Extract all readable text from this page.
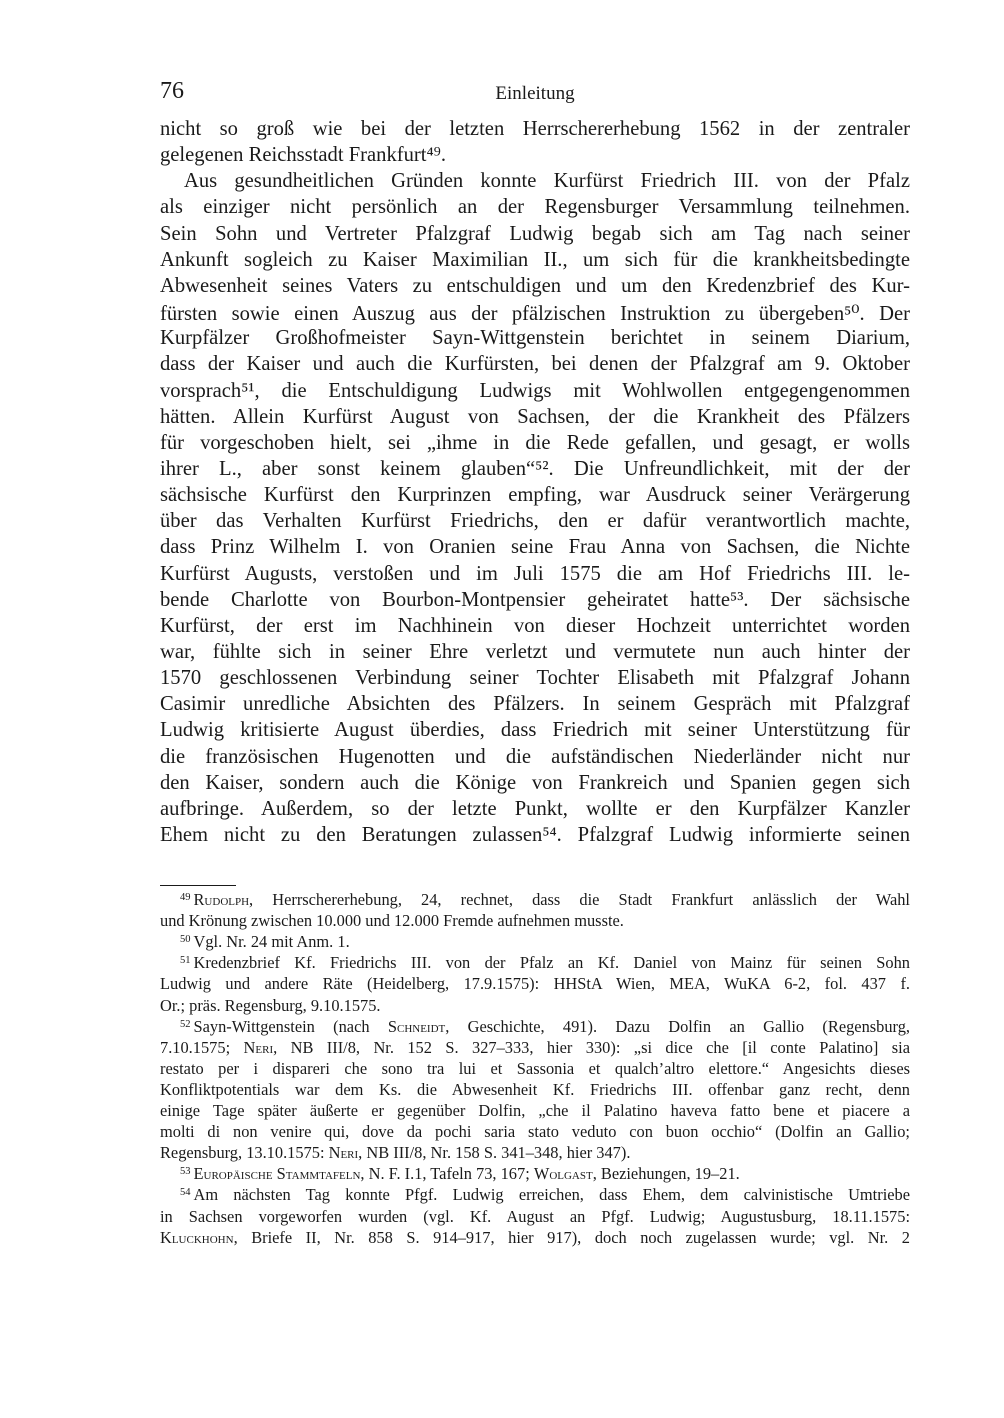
76	Einleitung
nicht so groß wie bei der letzten Herrschererhebung 1562 in der zentraler
gelegenen Reichsstadt Frankfurt⁴⁹.
Aus gesundheitlichen Gründen konnte Kurfürst Friedrich III. von der Pfalz
als einziger nicht persönlich an der Regensburger Versammlung teilnehmen.
Sein Sohn und Vertreter Pfalzgraf Ludwig begab sich am Tag nach seiner
Ankunft sogleich zu Kaiser Maximilian II., um sich für die krankheitsbedingte
Abwesenheit seines Vaters zu entschuldigen und um den Kredenzbrief des Kur-
fürsten sowie einen Auszug aus der pfälzischen Instruktion zu übergeben⁵⁰. Der
Kurpfälzer Großhofmeister Sayn-Wittgenstein berichtet in seinem Diarium,
dass der Kaiser und auch die Kurfürsten, bei denen der Pfalzgraf am 9. Oktober
vorsprach⁵¹, die Entschuldigung Ludwigs mit Wohlwollen entgegengenommen
hätten. Allein Kurfürst August von Sachsen, der die Krankheit des Pfälzers
für vorgeschoben hielt, sei „ihme in die Rede gefallen, und gesagt, er wolls
ihrer L., aber sonst keinem glauben“⁵². Die Unfreundlichkeit, mit der der
sächsische Kurfürst den Kurprinzen empfing, war Ausdruck seiner Verärgerung
über das Verhalten Kurfürst Friedrichs, den er dafür verantwortlich machte,
dass Prinz Wilhelm I. von Oranien seine Frau Anna von Sachsen, die Nichte
Kurfürst Augusts, verstoßen und im Juli 1575 die am Hof Friedrichs III. le-
bende Charlotte von Bourbon-Montpensier geheiratet hatte⁵³. Der sächsische
Kurfürst, der erst im Nachhinein von dieser Hochzeit unterrichtet worden
war, fühlte sich in seiner Ehre verletzt und vermutete nun auch hinter der
1570 geschlossenen Verbindung seiner Tochter Elisabeth mit Pfalzgraf Johann
Casimir unredliche Absichten des Pfälzers. In seinem Gespräch mit Pfalzgraf
Ludwig kritisierte August überdies, dass Friedrich mit seiner Unterstützung für
die französischen Hugenotten und die aufständischen Niederländer nicht nur
den Kaiser, sondern auch die Könige von Frankreich und Spanien gegen sich
aufbringe. Außerdem, so der letzte Punkt, wollte er den Kurpfälzer Kanzler
Ehem nicht zu den Beratungen zulassen⁵⁴. Pfalzgraf Ludwig informierte seinen
$^{49}$ Rudolph, Herrschererhebung, 24, rechnet, dass die Stadt Frankfurt anlässlich der Wahl
und Krönung zwischen 10.000 und 12.000 Fremde aufnehmen musste.
$^{50}$ Vgl. Nr. 24 mit Anm. 1.
$^{51}$ Kredenzbrief Kf. Friedrichs III. von der Pfalz an Kf. Daniel von Mainz für seinen Sohn
Ludwig und andere Räte (Heidelberg, 17.9.1575): HHStA Wien, MEA, WuKA 6-2, fol. 437 f.
Or.; präs. Regensburg, 9.10.1575.
$^{52}$ Sayn-Wittgenstein (nach Schneidt, Geschichte, 491). Dazu Dolfin an Gallio (Regensburg,
7.10.1575; Neri, NB III/8, Nr. 152 S. 327–333, hier 330): „si dice che [il conte Palatino] sia
restato per i dispareri che sono tra lui et Sassonia et qualch’altro elettore.“ Angesichts dieses
Konfliktpotentials war dem Ks. die Abwesenheit Kf. Friedrichs III. offenbar ganz recht, denn
einige Tage später äußerte er gegenüber Dolfin, „che il Palatino haveva fatto bene et piacere a
molti di non venire qui, dove da pochi saria stato veduto con buon occhio“ (Dolfin an Gallio;
Regensburg, 13.10.1575: Neri, NB III/8, Nr. 158 S. 341–348, hier 347).
$^{53}$ Europäische Stammtafeln, N. F. I.1, Tafeln 73, 167; Wolgast, Beziehungen, 19–21.
$^{54}$ Am nächsten Tag konnte Pfgf. Ludwig erreichen, dass Ehem, dem calvinistische Umtriebe
in Sachsen vorgeworfen wurden (vgl. Kf. August an Pfgf. Ludwig; Augustusburg, 18.11.1575:
Kluckhohn, Briefe II, Nr. 858 S. 914–917, hier 917), doch noch zugelassen wurde; vgl. Nr. 2
